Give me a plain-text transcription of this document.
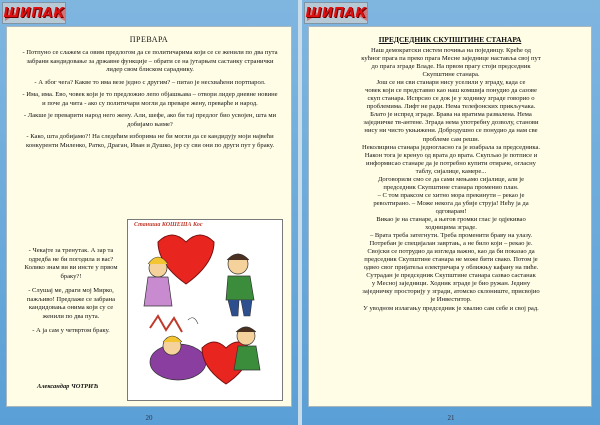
ШИПАК
ПРЕВАРА

- Потпуно се слажем са овим предлогом да се политичарима који се се женили по два пута забрани кандидовање за државне функције – обрати се на јутарњем састанку странички лидер свом блиском сараднику.

- А због чега? Какве то има везе једно с другим? – питао је несхваћени портпарол.

- Има, има. Ево, човек који је то предложио лепо објашњава – отвори лидер дневне новине и поче да чита - ако су политичари могли да преваре жену, преварће и народ.

- Лакше је преварити народ него жену. Али, шефе, ако би тај предлог био усвојен, шта ми добијамо њиме?

- Како, шта добијамо?! На следећим изборима не би могли да се кандидују моји највећи конкуренти Миленко, Ратко, Драган, Иван и Душко, јер су сви они по други пут у браку.

- Чекајте за тренутак. А зар та одредба не би погодила и вас? Колико знам ви ви инсте у првом браку?!

- Слушај ме, драги мој Мирко, пажљиво! Предлаже се забрана кандидовања онима који су се женили по два пута.

- А ја сам у четвртом браку.

Станиша КОШЕША Кос
Александар ЧОТРИЋ
20
ШИПАК
ПРЕДСЕДНИК СКУПШТИНЕ СТАНАРА

Наш демократски систем почиња на појединцу. Креће од

кућног прага па преко прага Месне заједнице наставља свој пут

до прага зграде Владе. На првом прагу стоји председник

Скупштине станара.

Још се ни сви станари нису уселили у зграду, када се

човек који се представио као наш комшија понудио да сазове

скуп станара. Испрсио се док је у ходнику зграде говорио о

проблемима. Лифт не ради. Нема телефонских прикључака.

Блато је испред зграде. Брава на вратима развалена. Нема

заједничке тв-антене. Зграда нема употребну дозволу, станови

нису ни чисто укњижени. Добродушно се понудио да нам све

проблеме сам реши.

Неколицина станара једногласно га је изабрала за председника.

Након тога је кренуо од врата до врата. Скупљао је потписе и

информисао станаре да је потребно купити отираче, огласну

таблу, сијалице, камере...

Договорили смо се да сами мењамо сијалице, али је

председник Скупштине станара променио план.

– С том праксом се хитно мора прекинути – рекао је

револтирано. – Може некога да убије струја! Нећу ја да

одговарам!

Викао је на станаре, а његов громки глас је одјекивао

ходницима зграде.

– Врата треба затегнути. Треба променити браву на улазу.

Потребан је специјалан завртањ, а не било који – рекао је.

Својски се потрудио да изгледа важно, као да би показао да

председник Скупштине станара не може бити свако. Потом је

одвео свог пријатеља електричара у оближњу кафану на пиће.

Сутрадан је председник Скупштине станара сазвао састанак

у Месној заједници. Ходник зграде је био ружан. Једину

заједничку просторију у згради, атомско склониште, присвојио

је Инвеститор.

У уводном излагању председник је хвалио сам себе и свој рад.

21
